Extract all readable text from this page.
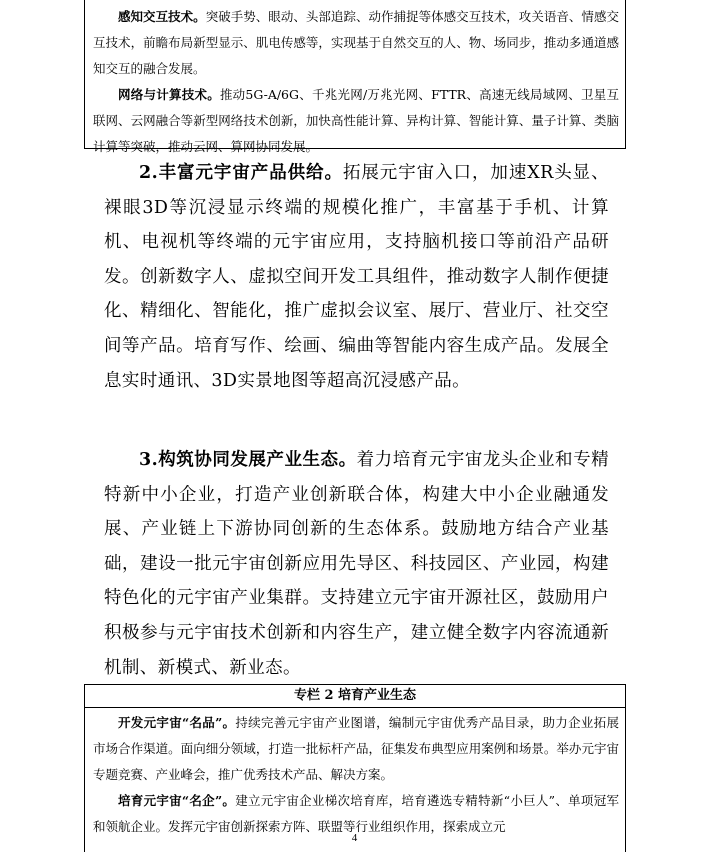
感知交互技术。突破手势、眼动、头部追踪、动作捕捉等体感交互技术，攻关语音、情感交互技术，前瞻布局新型显示、肌电传感等，实现基于自然交互的人、物、场同步，推动多通道感知交互的融合发展。

网络与计算技术。推动5G-A/6G、千兆光网/万兆光网、FTTR、高速无线局域网、卫星互联网、云网融合等新型网络技术创新，加快高性能计算、异构计算、智能计算、量子计算、类脑计算等突破，推动云网、算网协同发展。

2.丰富元宇宙产品供给。拓展元宇宙入口，加速XR头显、裸眼3D等沉浸显示终端的规模化推广，丰富基于手机、计算机、电视机等终端的元宇宙应用，支持脑机接口等前沿产品研发。创新数字人、虚拟空间开发工具组件，推动数字人制作便捷化、精细化、智能化，推广虚拟会议室、展厅、营业厅、社交空间等产品。培育写作、绘画、编曲等智能内容生成产品。发展全息实时通讯、3D实景地图等超高沉浸感产品。

3.构筑协同发展产业生态。着力培育元宇宙龙头企业和专精特新中小企业，打造产业创新联合体，构建大中小企业融通发展、产业链上下游协同创新的生态体系。鼓励地方结合产业基础，建设一批元宇宙创新应用先导区、科技园区、产业园，构建特色化的元宇宙产业集群。支持建立元宇宙开源社区，鼓励用户积极参与元宇宙技术创新和内容生产，建立健全数字内容流通新机制、新模式、新业态。

专栏 2 培育产业生态

开发元宇宙“名品”。持续完善元宇宙产业图谱，编制元宇宙优秀产品目录，助力企业拓展市场合作渠道。面向细分领域，打造一批标杆产品，征集发布典型应用案例和场景。举办元宇宙专题竞赛、产业峰会，推广优秀技术产品、解决方案。

培育元宇宙“名企”。建立元宇宙企业梯次培育库，培育遴选专精特新“小巨人”、单项冠军和领航企业。发挥元宇宙创新探索方阵、联盟等行业组织作用，探索成立元

4
